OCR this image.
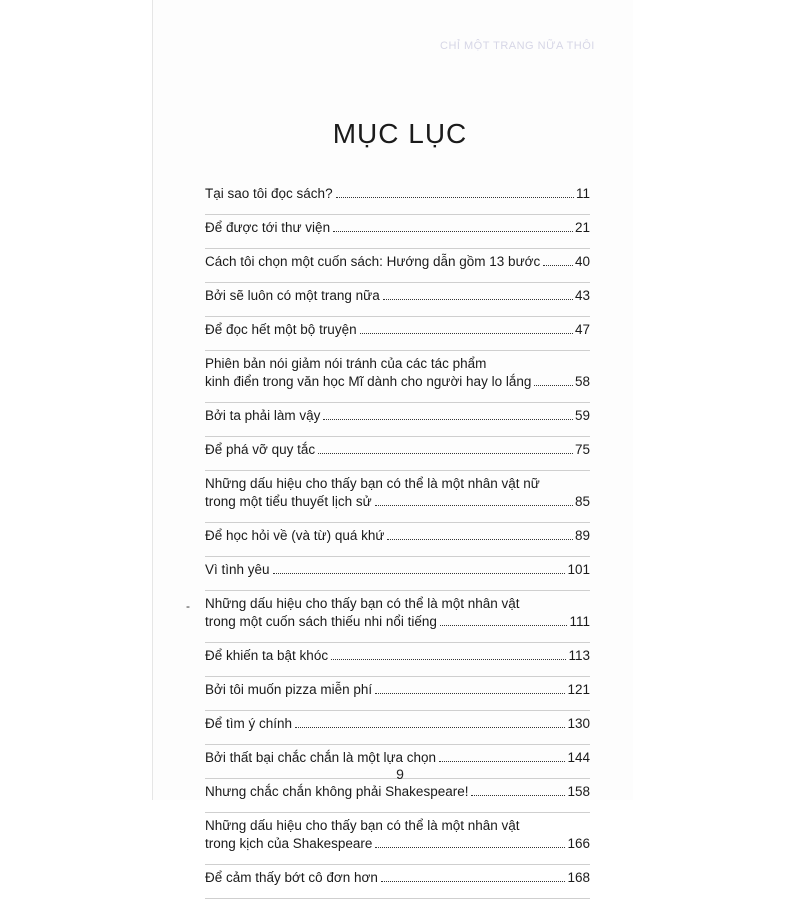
CHỈ MỘT TRANG NỮA THÔI
MỤC LỤC
Tại sao tôi đọc sách?	11
Để được tới thư viện	21
Cách tôi chọn một cuốn sách: Hướng dẫn gồm 13 bước	40
Bởi sẽ luôn có một trang nữa	43
Để đọc hết một bộ truyện	47
Phiên bản nói giảm nói tránh của các tác phẩm
kinh điển trong văn học Mĩ dành cho người hay lo lắng	58
Bởi ta phải làm vậy	59
Để phá vỡ quy tắc	75
Những dấu hiệu cho thấy bạn có thể là một nhân vật nữ
trong một tiểu thuyết lịch sử	85
Để học hỏi về (và từ) quá khứ	89
Vì tình yêu	101
Những dấu hiệu cho thấy bạn có thể là một nhân vật
trong một cuốn sách thiếu nhi nổi tiếng	111
Để khiến ta bật khóc	113
Bởi tôi muốn pizza miễn phí	121
Để tìm ý chính	130
Bởi thất bại chắc chắn là một lựa chọn	144
Nhưng chắc chắn không phải Shakespeare!	158
Những dấu hiệu cho thấy bạn có thể là một nhân vật
trong kịch của Shakespeare	166
Để cảm thấy bớt cô đơn hơn	168
-
9
